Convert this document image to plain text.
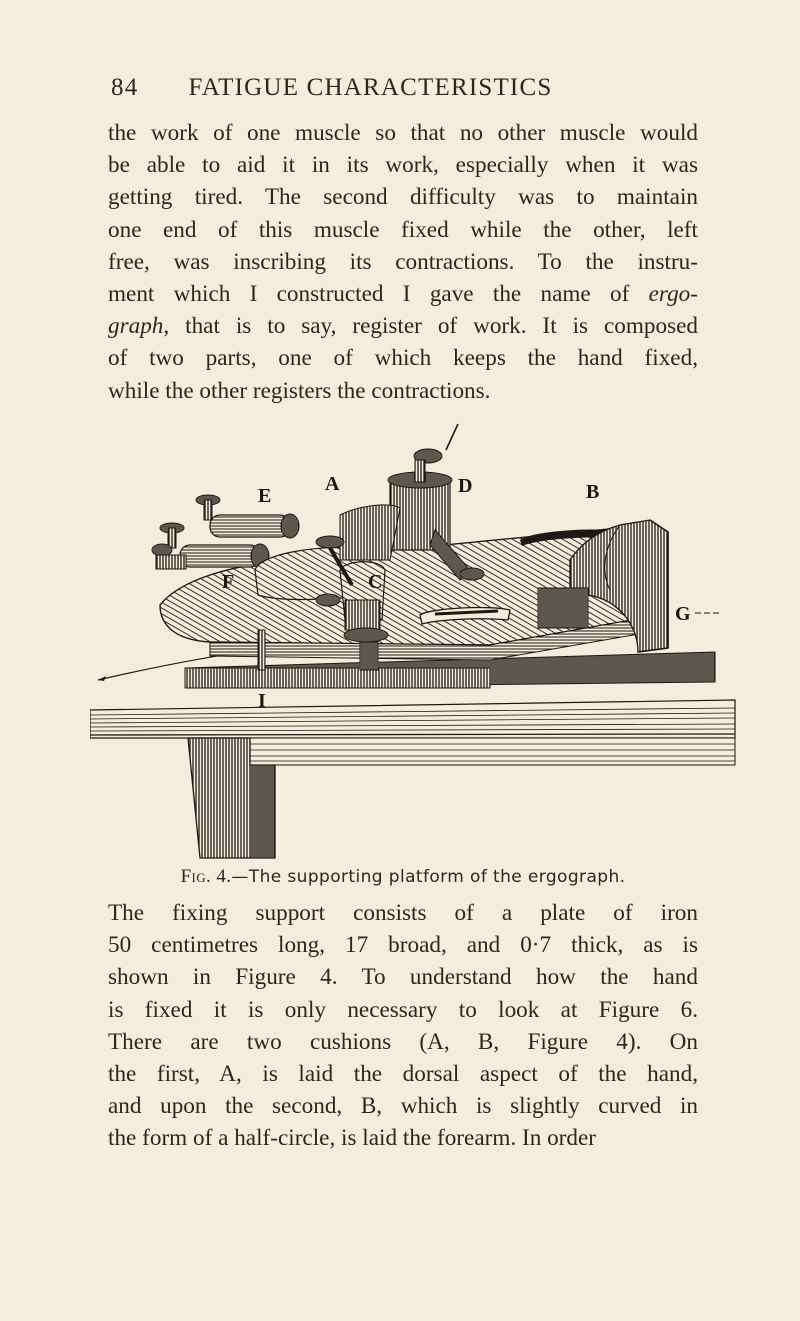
84 FATIGUE CHARACTERISTICS
the work of one muscle so that no other muscle would
be able to aid it in its work, especially when it was
getting tired. The second difficulty was to maintain
one end of this muscle fixed while the other, left
free, was inscribing its contractions. To the instru-
ment which I constructed I gave the name of ergo-
graph, that is to say, register of work. It is composed
of two parts, one of which keeps the hand fixed,
while the other registers the contractions.
E
A	D	B
F	C
G
I
Fig. 4.—The supporting platform of the ergograph.
The fixing support consists of a plate of iron
50 centimetres long, 17 broad, and 0·7 thick, as is
shown in Figure 4. To understand how the hand
is fixed it is only necessary to look at Figure 6.
There are two cushions (A, B, Figure 4). On
the first, A, is laid the dorsal aspect of the hand,
and upon the second, B, which is slightly curved in
the form of a half-circle, is laid the forearm. In order
